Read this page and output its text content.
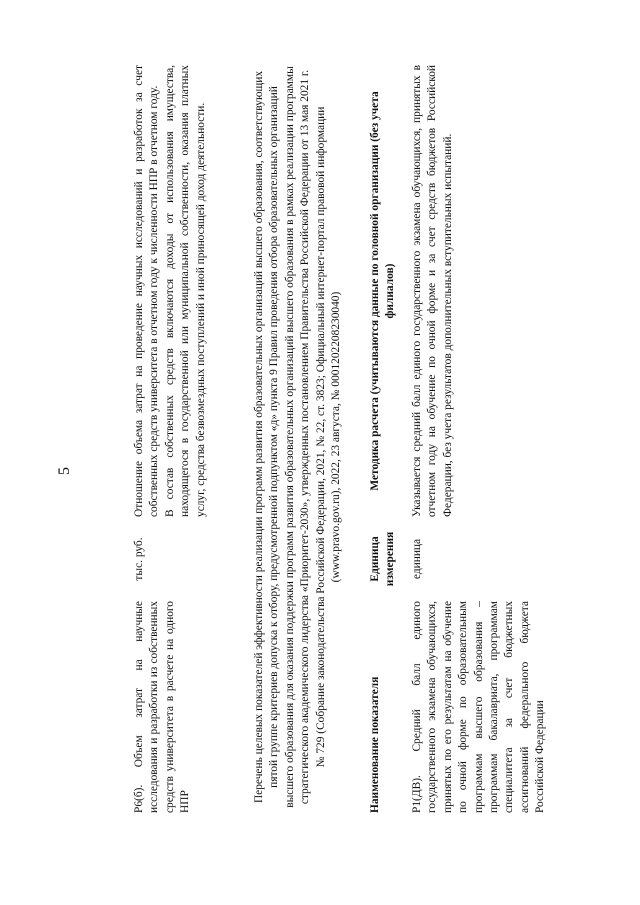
5
Р6(б). Объем затрат на научные исследования и разработки из собственных средств университета в расчете на одного НПР
тыс. руб.

Отношение объема затрат на проведение научных исследований и разработок за счет собственных средств университета в отчетном году к численности НПР в отчетном году. В состав собственных средств включаются доходы от использования имущества, находящегося в государственной или муниципальной собственности, оказания платных услуг, средства безвозмездных поступлений и иной приносящей доход деятельности.	Перечень целевых показателей эффективности реализации программ развития образовательных организаций высшего образования, соответствующих пятой группе критериев допуска к отбору, предусмотренной подпунктом «д» пункта 9 Правил проведения отбора образовательных организаций высшего образования для оказания поддержки программ развития образовательных организаций высшего образования в рамках реализации программы стратегического академического лидерства «Приоритет-2030», утвержденных постановлением Правительства Российской Федерации от 13 мая 2021 г. № 729 (Собрание законодательства Российской Федерации, 2021, № 22, ст. 3823; Официальный интернет-портал правовой информации (www.pravo.gov.ru), 2022, 23 августа, № 0001202208230040)
Наименование показателя
Единица измерения
Методика расчета (учитываются данные по головной организации (без учета филиалов)
Р1(ДВ). Средний балл единого государственного экзамена обучающихся, принятых по его результатам на обучение по очной форме по образовательным программам высшего образования – программам бакалавриата, программам специалитета за счет бюджетных ассигнований федерального бюджета Российской Федерации
единица
Указывается средний балл единого государственного экзамена обучающихся, принятых в отчетном году на обучение по очной форме и за счет средств бюджетов Российской Федерации, без учета результатов дополнительных вступительных испытаний.
